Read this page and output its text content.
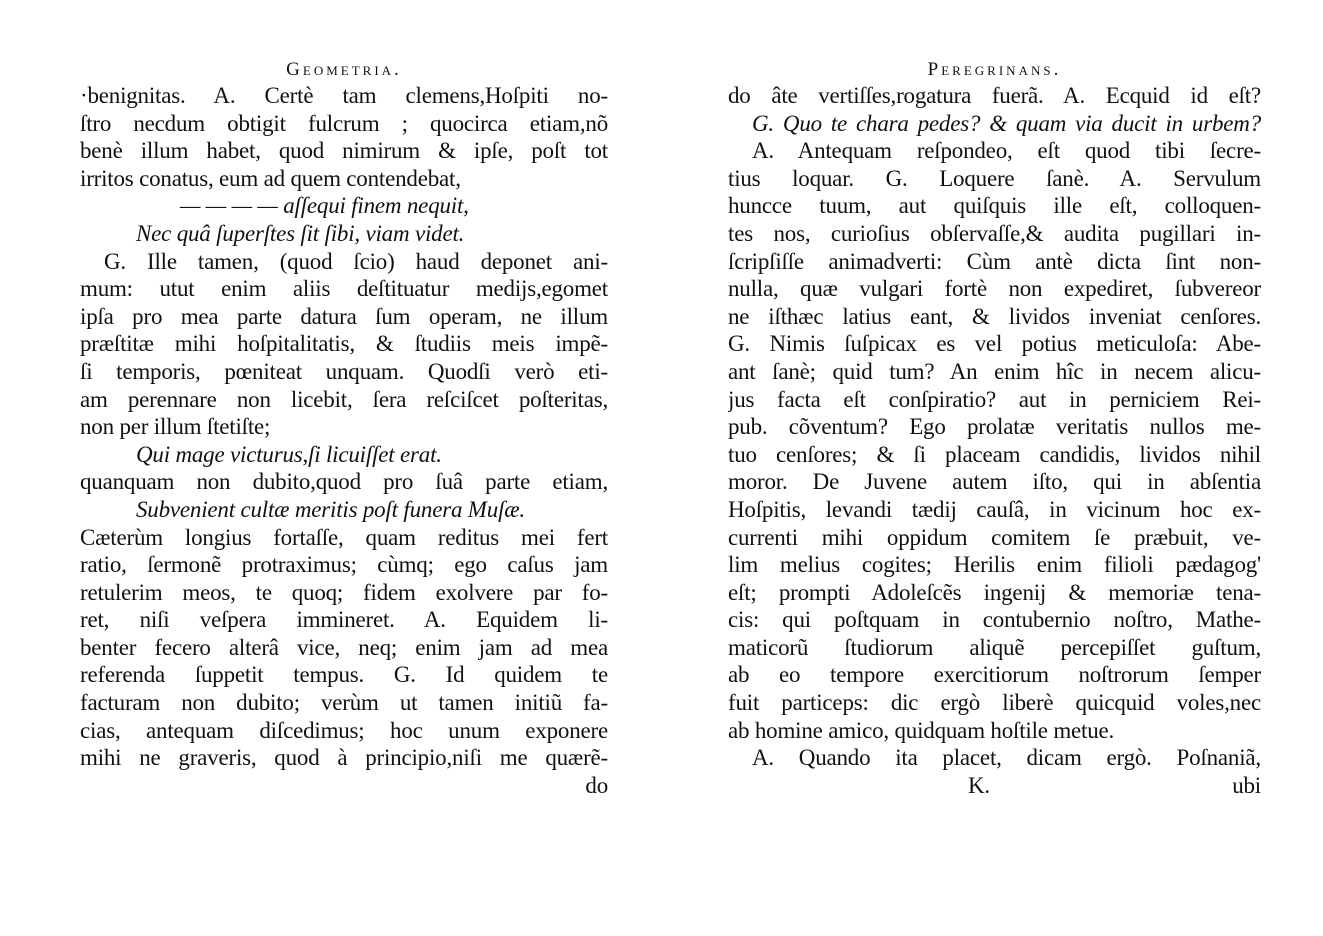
Geometria.
·benignitas. A. Certè tam clemens,Hoſpiti no-
ſtro necdum obtigit fulcrum ; quocirca etiam,nõ
benè illum habet, quod nimirum & ipſe, poſt tot
irritos conatus, eum ad quem contendebat,
— — — — aſſequi finem nequit,
Nec quâ ſuperſtes ſit ſibi, viam videt.
G. Ille tamen, (quod ſcio) haud deponet ani-
mum: utut enim aliis deſtituatur medijs,egomet
ipſa pro mea parte datura ſum operam, ne illum
præſtitæ mihi hoſpitalitatis, & ſtudiis meis impẽ-
ſi temporis, pœniteat unquam. Quodſi verò eti-
am perennare non licebit, ſera reſciſcet poſteritas,
non per illum ſtetiſte;
Qui mage victurus,ſi licuiſſet erat.
quanquam non dubito,quod pro ſuâ parte etiam,
Subvenient cultæ meritis poſt funera Muſæ.
Cæterùm longius fortaſſe, quam reditus mei fert
ratio, ſermonẽ protraximus; cùmq; ego caſus jam
retulerim meos, te quoq; fidem exolvere par fo-
ret, niſi veſpera immineret. A. Equidem li-
benter fecero alterâ vice, neq; enim jam ad mea
referenda ſuppetit tempus. G. Id quidem te
facturam non dubito; verùm ut tamen initiũ fa-
cias, antequam diſcedimus; hoc unum exponere
mihi ne graveris, quod à principio,niſi me quærẽ-
do
Peregrinans.
do âte vertiſſes,rogatura fuerã. A. Ecquid id eſt?
G. Quo te chara pedes? & quam via ducit in urbem?
A. Antequam reſpondeo, eſt quod tibi ſecre-
tius loquar. G. Loquere ſanè. A. Servulum
huncce tuum, aut quiſquis ille eſt, colloquen-
tes nos, curioſius obſervaſſe,& audita pugillari in-
ſcripſiſſe animadverti: Cùm antè dicta ſint non-
nulla, quæ vulgari fortè non expediret, ſubvereor
ne iſthæc latius eant, & lividos inveniat cenſores.
G. Nimis ſuſpicax es vel potius meticuloſa: Abe-
ant ſanè; quid tum? An enim hîc in necem alicu-
jus facta eſt conſpiratio? aut in perniciem Rei-
pub. cõventum? Ego prolatæ veritatis nullos me-
tuo cenſores; & ſi placeam candidis, lividos nihil
moror. De Juvene autem iſto, qui in abſentia
Hoſpitis, levandi tædij cauſâ, in vicinum hoc ex-
currenti mihi oppidum comitem ſe præbuit, ve-
lim melius cogites; Herilis enim filioli pædagog'
eſt; prompti Adoleſcẽs ingenij & memoriæ tena-
cis: qui poſtquam in contubernio noſtro, Mathe-
maticorũ ſtudiorum aliquẽ percepiſſet guſtum,
ab eo tempore exercitiorum noſtrorum ſemper
fuit particeps: dic ergò liberè quicquid voles,nec
ab homine amico, quidquam hoſtile metue.
A. Quando ita placet, dicam ergò. Poſnaniã,
K.	ubi
